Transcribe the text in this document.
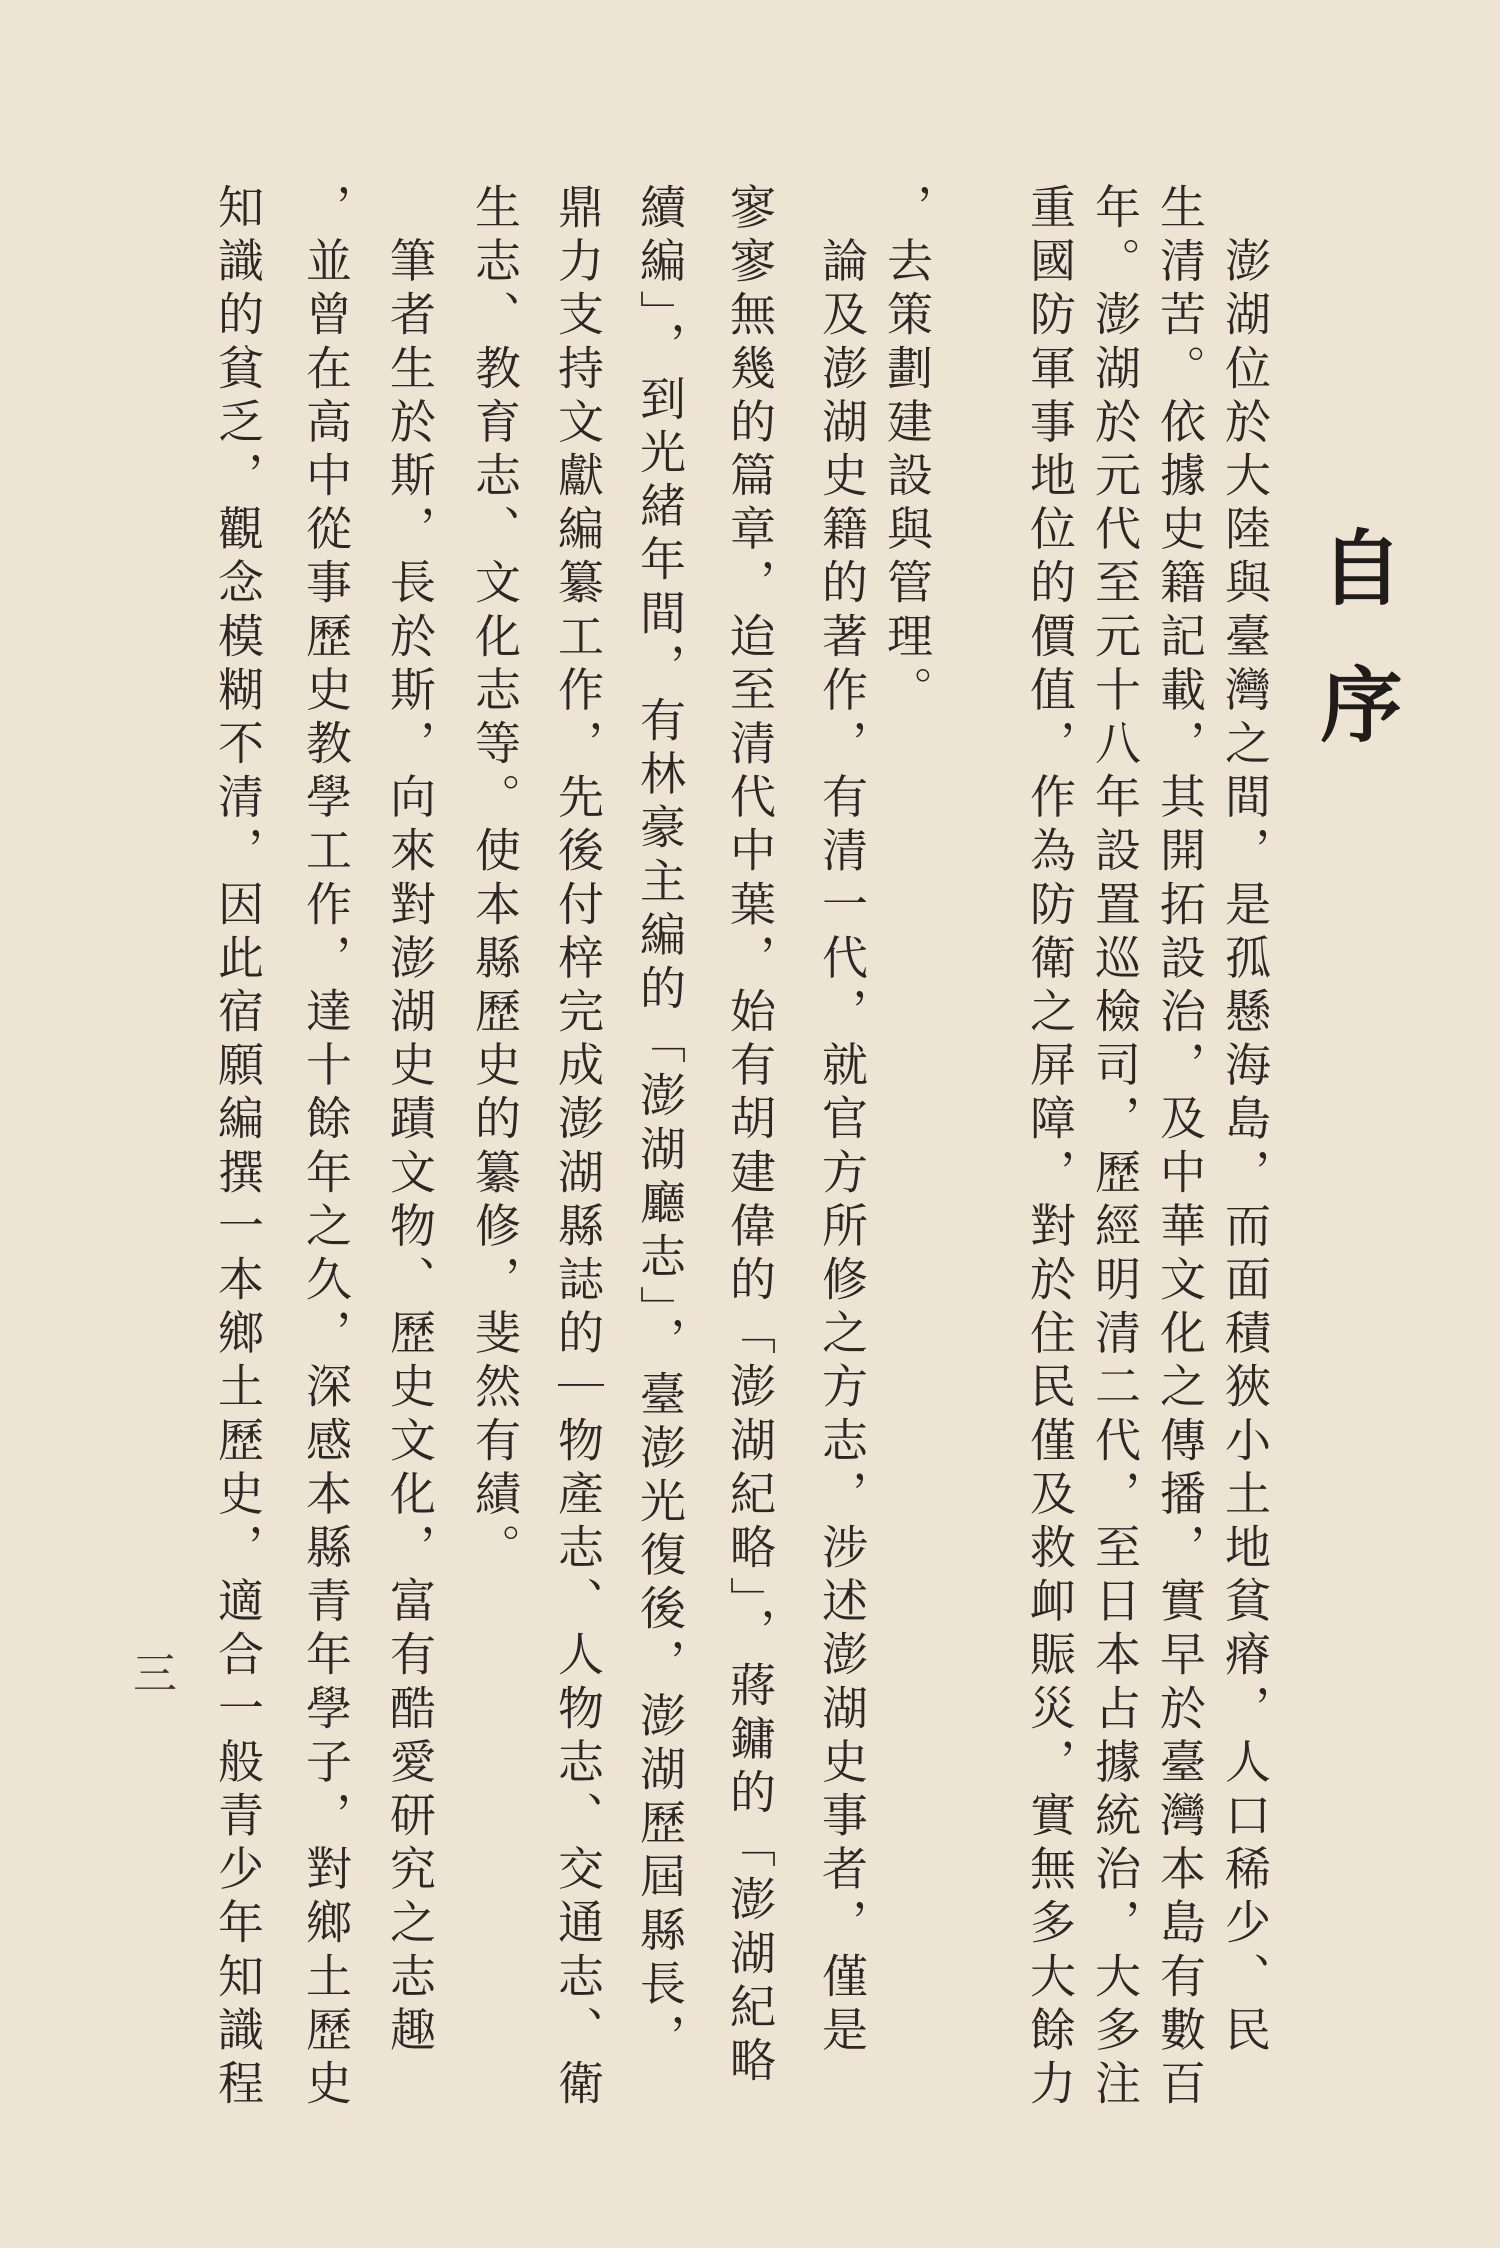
自序
　澎湖位於大陸與臺灣之間，是孤懸海島，而面積狹小土地貧瘠，人口稀少、民
生清苦。依據史籍記載，其開拓設治，及中華文化之傳播，實早於臺灣本島有數百
年。澎湖於元代至元十八年設置巡檢司，歷經明清二代，至日本占據統治，大多注
重國防軍事地位的價值，作為防衛之屏障，對於住民僅及救卹賑災，實無多大餘力
，去策劃建設與管理。
　論及澎湖史籍的著作，有清一代，就官方所修之方志，涉述澎湖史事者，僅是
寥寥無幾的篇章，迨至清代中葉，始有胡建偉的「澎湖紀略」，蔣鏞的「澎湖紀略
續編」，到光緒年間，有林豪主編的「澎湖廳志」，臺澎光復後，澎湖歷屆縣長，
鼎力支持文獻編纂工作，先後付梓完成澎湖縣誌的｜物產志、人物志、交通志、衛
生志、教育志、文化志等。使本縣歷史的纂修，斐然有績。
　筆者生於斯，長於斯，向來對澎湖史蹟文物、歷史文化，富有酷愛研究之志趣
，並曾在高中從事歷史教學工作，達十餘年之久，深感本縣青年學子，對鄉土歷史
知識的貧乏，觀念模糊不清，因此宿願編撰一本鄉土歷史，適合一般青少年知識程
三
